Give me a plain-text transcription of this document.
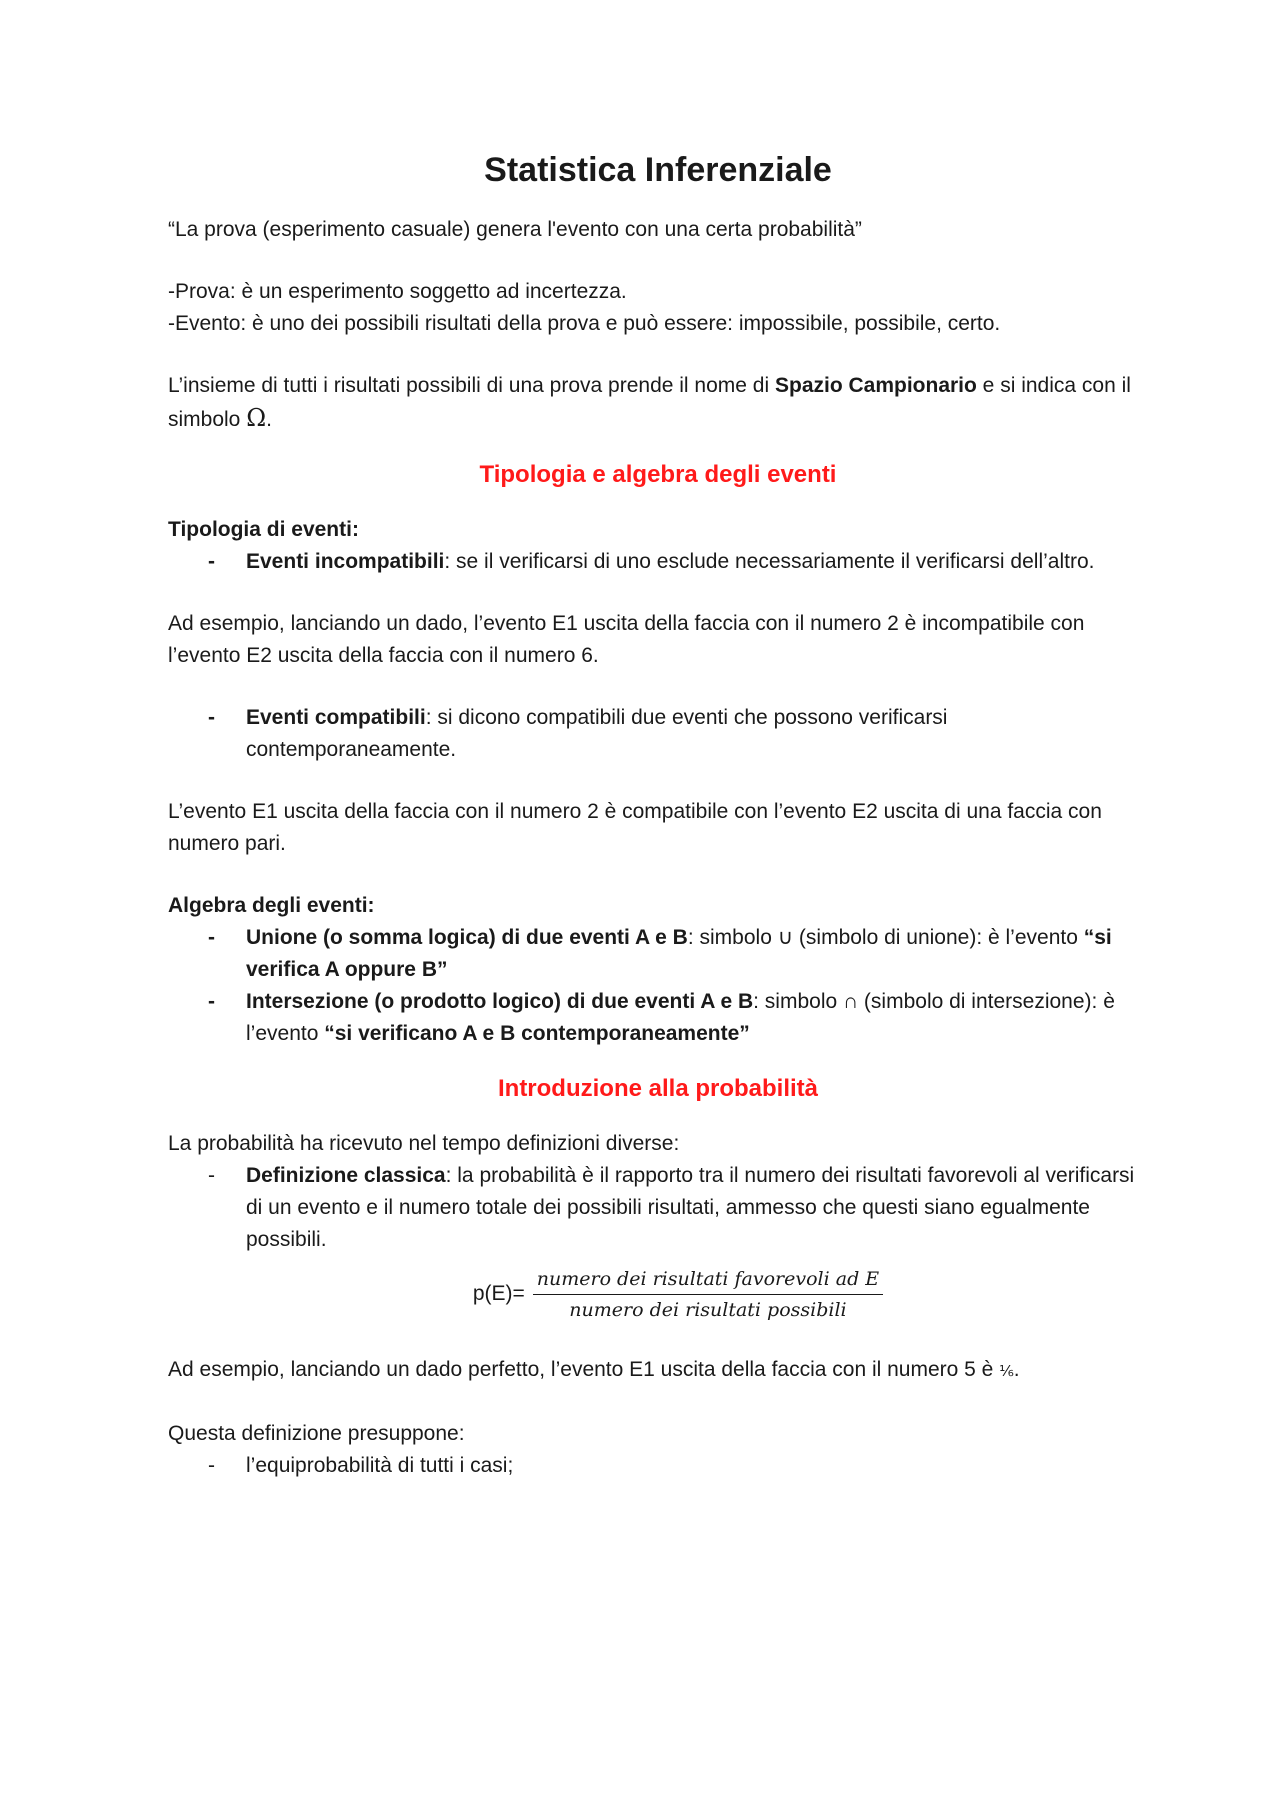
Statistica Inferenziale

“La prova (esperimento casuale) genera l'evento con una certa probabilità”

-Prova: è un esperimento soggetto ad incertezza.

-Evento: è uno dei possibili risultati della prova e può essere: impossibile, possibile, certo.

L’insieme di tutti i risultati possibili di una prova prende il nome di Spazio Campionario e si indica con il simbolo Ω.

Tipologia e algebra degli eventi

Tipologia di eventi:

- Eventi incompatibili: se il verificarsi di uno esclude necessariamente il verificarsi dell’altro.

Ad esempio, lanciando un dado, l’evento E1 uscita della faccia con il numero 2 è incompatibile con l’evento E2 uscita della faccia con il numero 6.

- Eventi compatibili: si dicono compatibili due eventi che possono verificarsi contemporaneamente.

L’evento E1 uscita della faccia con il numero 2 è compatibile con l’evento E2 uscita di una faccia con numero pari.

Algebra degli eventi:

- Unione (o somma logica) di due eventi A e B: simbolo ∪ (simbolo di unione): è l’evento “si verifica A oppure B”
- Intersezione (o prodotto logico) di due eventi A e B: simbolo ∩ (simbolo di intersezione): è l’evento “si verificano A e B contemporaneamente”
Introduzione alla probabilità

La probabilità ha ricevuto nel tempo definizioni diverse:

- Definizione classica: la probabilità è il rapporto tra il numero dei risultati favorevoli al verificarsi di un evento e il numero totale dei possibili risultati, ammesso che questi siano egualmente possibili.
$p(E)= \frac{\text{numero dei risultati favorevoli ad E}}{\text{numero dei risultati possibili}}$

Ad esempio, lanciando un dado perfetto, l’evento E1 uscita della faccia con il numero 5 è ⅙.

Questa definizione presuppone:

- l’equiprobabilità di tutti i casi;
